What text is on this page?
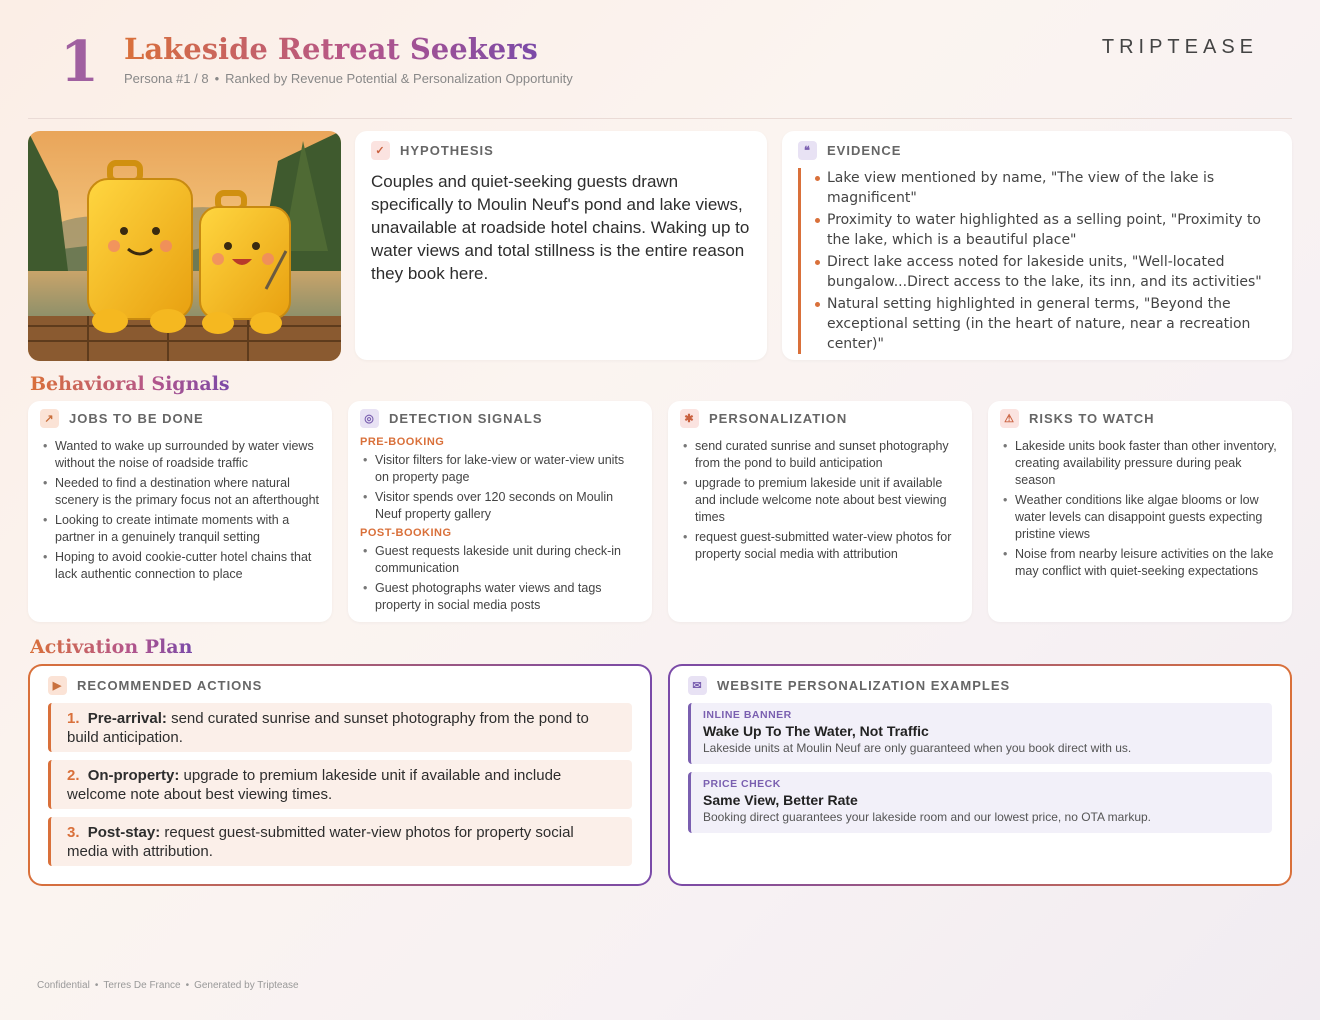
1 Lakeside Retreat Seekers
Persona #1 / 8 • Ranked by Revenue Potential & Personalization Opportunity
TRIPTEASE
✓	HYPOTHESIS

Couples and quiet-seeking guests drawn specifically to Moulin Neuf's pond and lake views, unavailable at roadside hotel chains. Waking up to water views and total stillness is the entire reason they book here.

❝	EVIDENCE
Lake view mentioned by name, "The view of the lake is magnificent"
Proximity to water highlighted as a selling point, "Proximity to the lake, which is a beautiful place"
Direct lake access noted for lakeside units, "Well-located bungalow...Direct access to the lake, its inn, and its activities"
Natural setting highlighted in general terms, "Beyond the exceptional setting (in the heart of nature, near a recreation center)"
Behavioral Signals
↗	JOBS TO BE DONE
• Wanted to wake up surrounded by water views without the noise of roadside traffic
• Needed to find a destination where natural scenery is the primary focus not an afterthought
• Looking to create intimate moments with a partner in a genuinely tranquil setting
• Hoping to avoid cookie-cutter hotel chains that lack authentic connection to place
◎	DETECTION SIGNALS
PRE-BOOKING
• Visitor filters for lake-view or water-view units on property page
• Visitor spends over 120 seconds on Moulin Neuf property gallery
POST-BOOKING
• Guest requests lakeside unit during check-in communication
• Guest photographs water views and tags property in social media posts
✱	PERSONALIZATION
• send curated sunrise and sunset photography from the pond to build anticipation
• upgrade to premium lakeside unit if available and include welcome note about best viewing times
• request guest-submitted water-view photos for property social media with attribution
⚠	RISKS TO WATCH
• Lakeside units book faster than other inventory, creating availability pressure during peak season
• Weather conditions like algae blooms or low water levels can disappoint guests expecting pristine views
• Noise from nearby leisure activities on the lake may conflict with quiet-seeking expectations
Activation Plan
▶	RECOMMENDED ACTIONS
1. Pre-arrival: send curated sunrise and sunset photography from the pond to build anticipation.
2. On-property: upgrade to premium lakeside unit if available and include welcome note about best viewing times.
3. Post-stay: request guest-submitted water-view photos for property social media with attribution.
✉	WEBSITE PERSONALIZATION EXAMPLES
INLINE BANNER
Wake Up To The Water, Not Traffic
Lakeside units at Moulin Neuf are only guaranteed when you book direct with us.
PRICE CHECK
Same View, Better Rate
Booking direct guarantees your lakeside room and our lowest price, no OTA markup.
Confidential • Terres De France • Generated by Triptease
